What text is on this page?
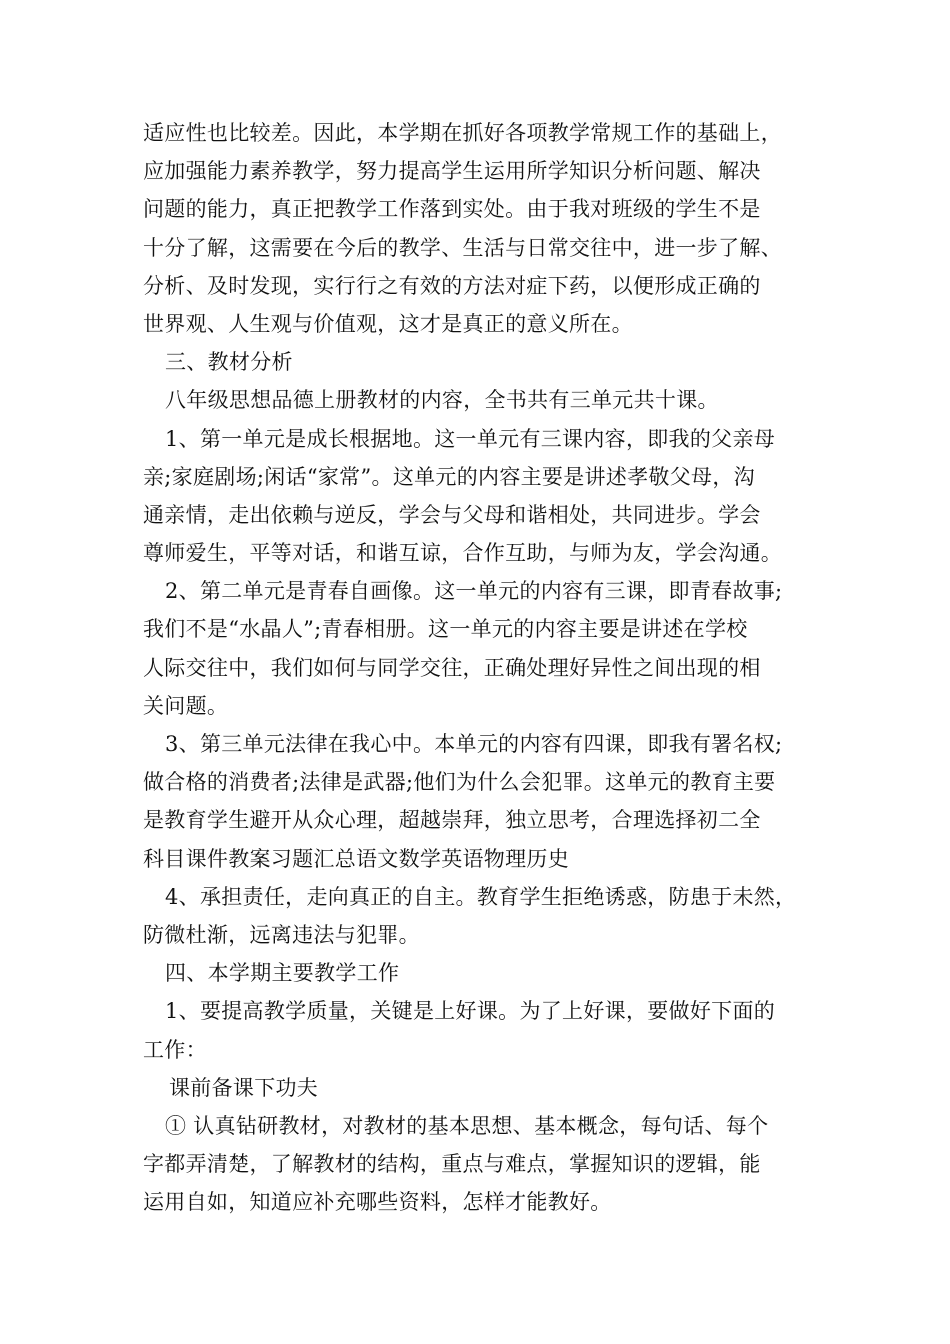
适应性也比较差。因此，本学期在抓好各项教学常规工作的基础上，
应加强能力素养教学，努力提高学生运用所学知识分析问题、解决
问题的能力，真正把教学工作落到实处。由于我对班级的学生不是
十分了解，这需要在今后的教学、生活与日常交往中，进一步了解、
分析、及时发现，实行行之有效的方法对症下药，以便形成正确的
世界观、人生观与价值观，这才是真正的意义所在。
三、教材分析
八年级思想品德上册教材的内容，全书共有三单元共十课。
1、第一单元是成长根据地。这一单元有三课内容，即我的父亲母
亲;家庭剧场;闲话“家常”。这单元的内容主要是讲述孝敬父母，沟
通亲情，走出依赖与逆反，学会与父母和谐相处，共同进步。学会
尊师爱生，平等对话，和谐互谅，合作互助，与师为友，学会沟通。
2、第二单元是青春自画像。这一单元的内容有三课，即青春故事;
我们不是“水晶人”;青春相册。这一单元的内容主要是讲述在学校
人际交往中，我们如何与同学交往，正确处理好异性之间出现的相
关问题。
3、第三单元法律在我心中。本单元的内容有四课，即我有署名权;
做合格的消费者;法律是武器;他们为什么会犯罪。这单元的教育主要
是教育学生避开从众心理，超越崇拜，独立思考，合理选择初二全
科目课件教案习题汇总语文数学英语物理历史
4、承担责任，走向真正的自主。教育学生拒绝诱惑，防患于未然，
防微杜渐，远离违法与犯罪。
四、本学期主要教学工作
1、要提高教学质量，关键是上好课。为了上好课，要做好下面的
工作：
课前备课下功夫
① 认真钻研教材，对教材的基本思想、基本概念，每句话、每个
字都弄清楚，了解教材的结构，重点与难点，掌握知识的逻辑，能
运用自如，知道应补充哪些资料，怎样才能教好。
